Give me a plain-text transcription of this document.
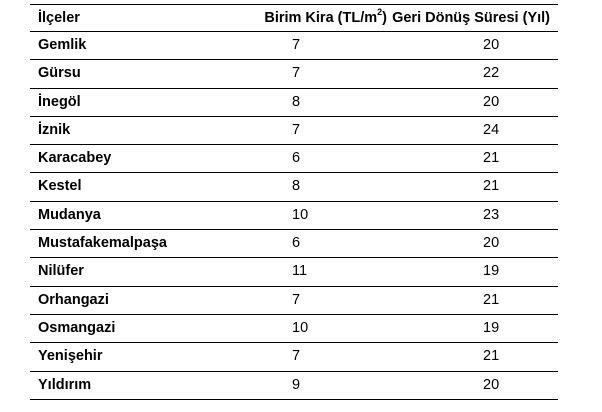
İlçeler	Birim Kira $(TL/m^2)$	Geri Dönüş Süresi (Yıl)
Gemlik	7	20
Gürsu	7	22
İnegöl	8	20
İznik	7	24
Karacabey	6	21
Kestel	8	21
Mudanya	10	23
Mustafakemalpaşa	6	20
Nilüfer	11	19
Orhangazi	7	21
Osmangazi	10	19
Yenişehir	7	21
Yıldırım	9	20
